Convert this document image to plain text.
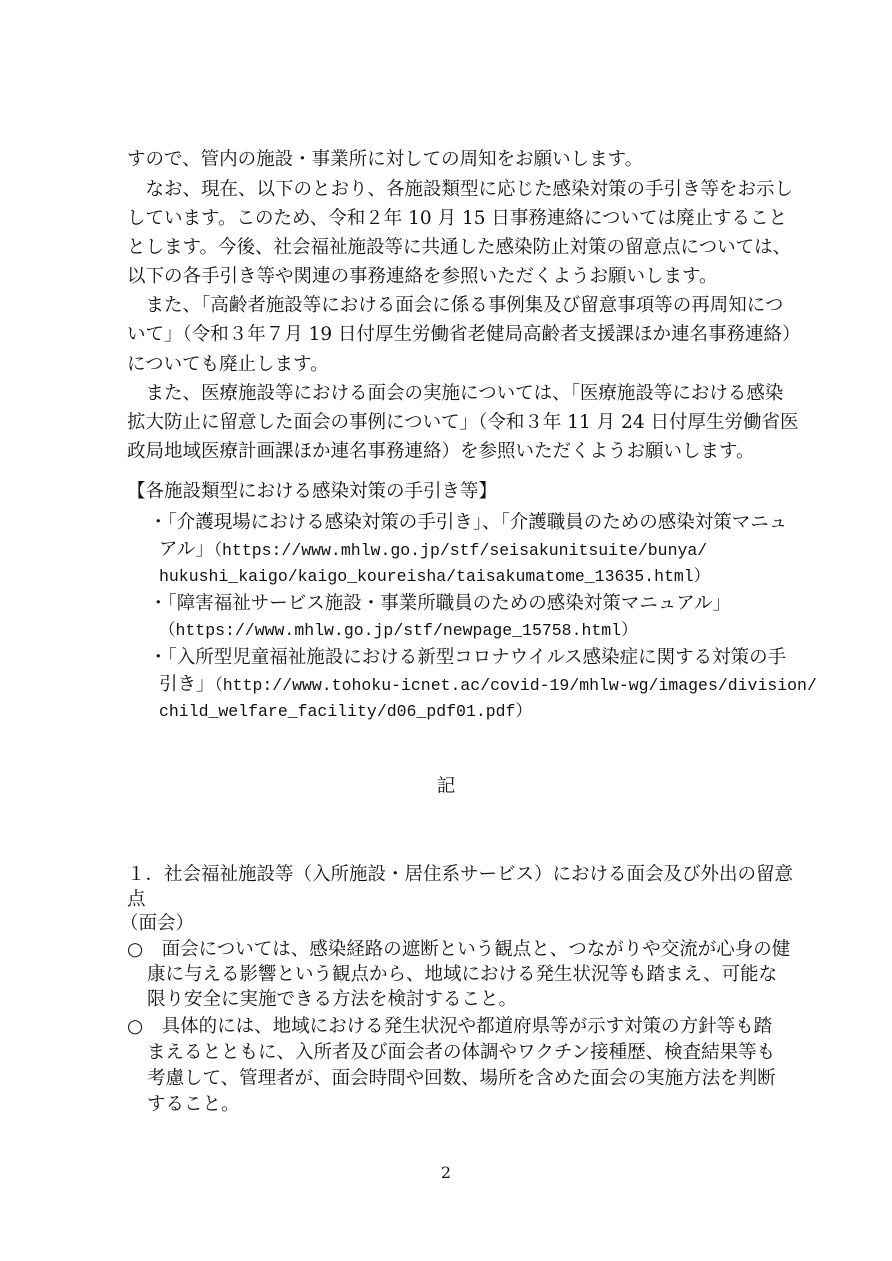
すので、管内の施設・事業所に対しての周知をお願いします。
　なお、現在、以下のとおり、各施設類型に応じた感染対策の手引き等をお示し
しています。このため、令和２年 10 月 15 日事務連絡については廃止すること
とします。今後、社会福祉施設等に共通した感染防止対策の留意点については、
以下の各手引き等や関連の事務連絡を参照いただくようお願いします。
　また、「高齢者施設等における面会に係る事例集及び留意事項等の再周知につ
いて」（令和３年７月 19 日付厚生労働省老健局高齢者支援課ほか連名事務連絡）
についても廃止します。
　また、医療施設等における面会の実施については、「医療施設等における感染
拡大防止に留意した面会の事例について」（令和３年 11 月 24 日付厚生労働省医
政局地域医療計画課ほか連名事務連絡）を参照いただくようお願いします。
【各施設類型における感染対策の手引き等】
・「介護現場における感染対策の手引き」、「介護職員のための感染対策マニュ
アル」（https://www.mhlw.go.jp/stf/seisakunitsuite/bunya/
hukushi_kaigo/kaigo_koureisha/taisakumatome_13635.html）
・「障害福祉サービス施設・事業所職員のための感染対策マニュアル」
（https://www.mhlw.go.jp/stf/newpage_15758.html）
・「入所型児童福祉施設における新型コロナウイルス感染症に関する対策の手
引き」（http://www.tohoku-icnet.ac/covid-19/mhlw-wg/images/division/
child_welfare_facility/d06_pdf01.pdf）
記
１．社会福祉施設等（入所施設・居住系サービス）における面会及び外出の留意
点
（面会）
○　面会については、感染経路の遮断という観点と、つながりや交流が心身の健
康に与える影響という観点から、地域における発生状況等も踏まえ、可能な
限り安全に実施できる方法を検討すること。
○　具体的には、地域における発生状況や都道府県等が示す対策の方針等も踏
まえるとともに、入所者及び面会者の体調やワクチン接種歴、検査結果等も
考慮して、管理者が、面会時間や回数、場所を含めた面会の実施方法を判断
すること。
2
